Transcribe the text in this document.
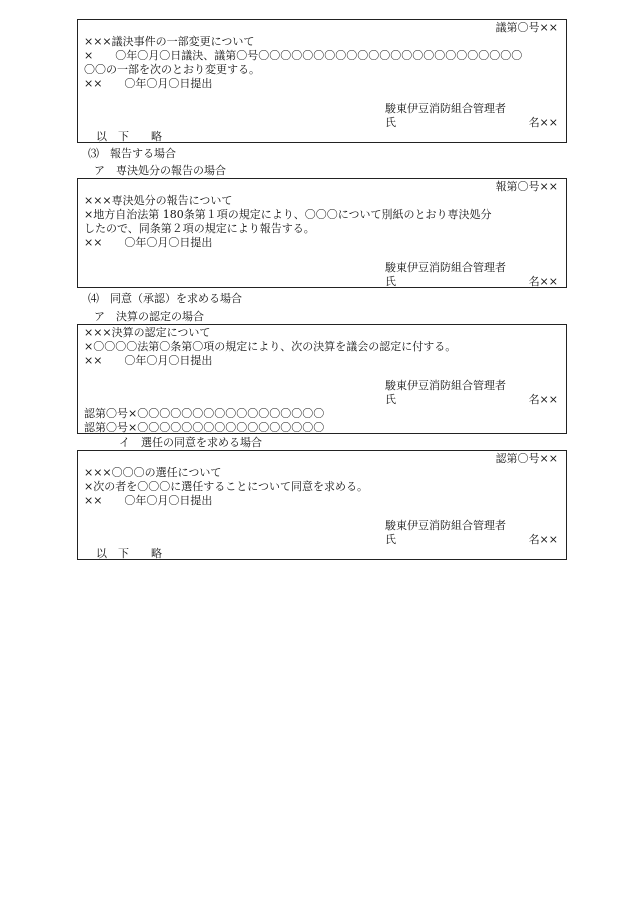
議第〇号××
×××議決事件の一部変更について
×　　〇年〇月〇日議決、議第〇号〇〇〇〇〇〇〇〇〇〇〇〇〇〇〇〇〇〇〇〇〇〇〇〇
〇〇の一部を次のとおり変更する。
××　　〇年〇月〇日提出
駿東伊豆消防組合管理者
氏	名××
以　下　　略
⑶　報告する場合
ア　専決処分の報告の場合
報第〇号××
×××専決処分の報告について
×地方自治法第 180条第１項の規定により、〇〇〇について別紙のとおり専決処分
したので、同条第２項の規定により報告する。
××　　〇年〇月〇日提出
駿東伊豆消防組合管理者
氏	名××
⑷　同意（承認）を求める場合
ア　決算の認定の場合
×××決算の認定について
×〇〇〇〇法第〇条第〇項の規定により、次の決算を議会の認定に付する。
××　　〇年〇月〇日提出
駿東伊豆消防組合管理者
氏	名××
認第〇号×〇〇〇〇〇〇〇〇〇〇〇〇〇〇〇〇〇
認第〇号×〇〇〇〇〇〇〇〇〇〇〇〇〇〇〇〇〇
イ　選任の同意を求める場合
認第〇号××
×××〇〇〇の選任について
×次の者を〇〇〇に選任することについて同意を求める。
××　　〇年〇月〇日提出
駿東伊豆消防組合管理者
氏	名××
以　下　　略
